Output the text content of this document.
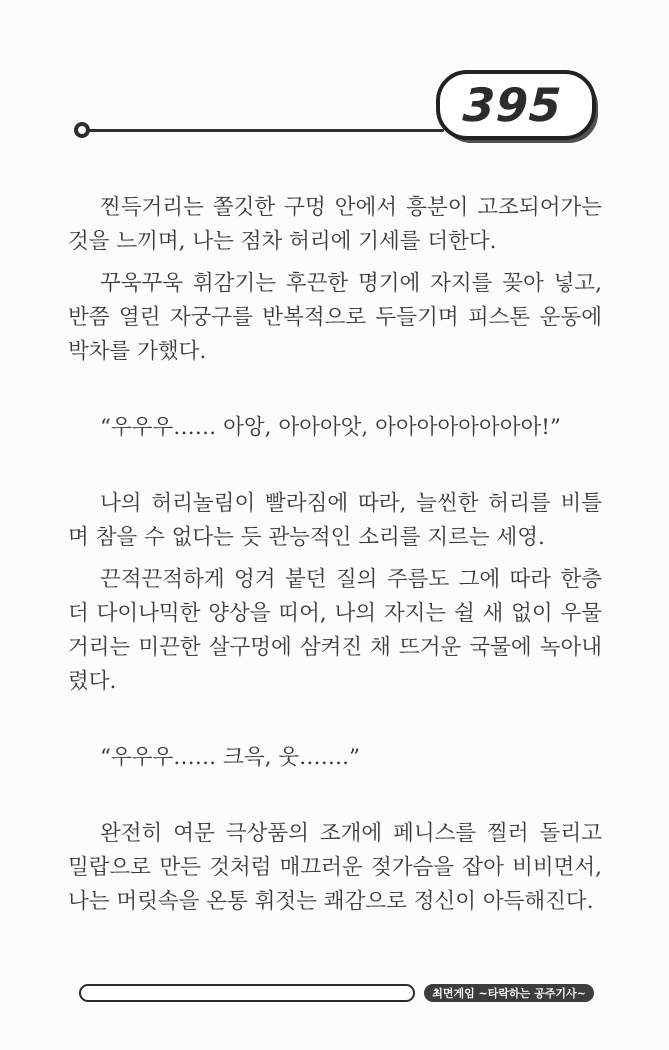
395

찐득거리는 쫄깃한 구멍 안에서 흥분이 고조되어가는 것을 느끼며, 나는 점차 허리에 기세를 더한다.

꾸욱꾸욱 휘감기는 후끈한 명기에 자지를 꽂아 넣고, 반쯤 열린 자궁구를 반복적으로 두들기며 피스톤 운동에 박차를 가했다.

“우우우…… 아앙, 아아아앗, 아아아아아아아아!”

나의 허리놀림이 빨라짐에 따라, 늘씬한 허리를 비틀며 참을 수 없다는 듯 관능적인 소리를 지르는 세영.

끈적끈적하게 엉겨 붙던 질의 주름도 그에 따라 한층 더 다이나믹한 양상을 띠어, 나의 자지는 쉴 새 없이 우물거리는 미끈한 살구멍에 삼켜진 채 뜨거운 국물에 녹아내렸다.

“우우우…… 크윽, 웃…….”

완전히 여문 극상품의 조개에 페니스를 찔러 돌리고 밀랍으로 만든 것처럼 매끄러운 젖가슴을 잡아 비비면서, 나는 머릿속을 온통 휘젓는 쾌감으로 정신이 아득해진다.

최면게임 ~타락하는 공주기사~
